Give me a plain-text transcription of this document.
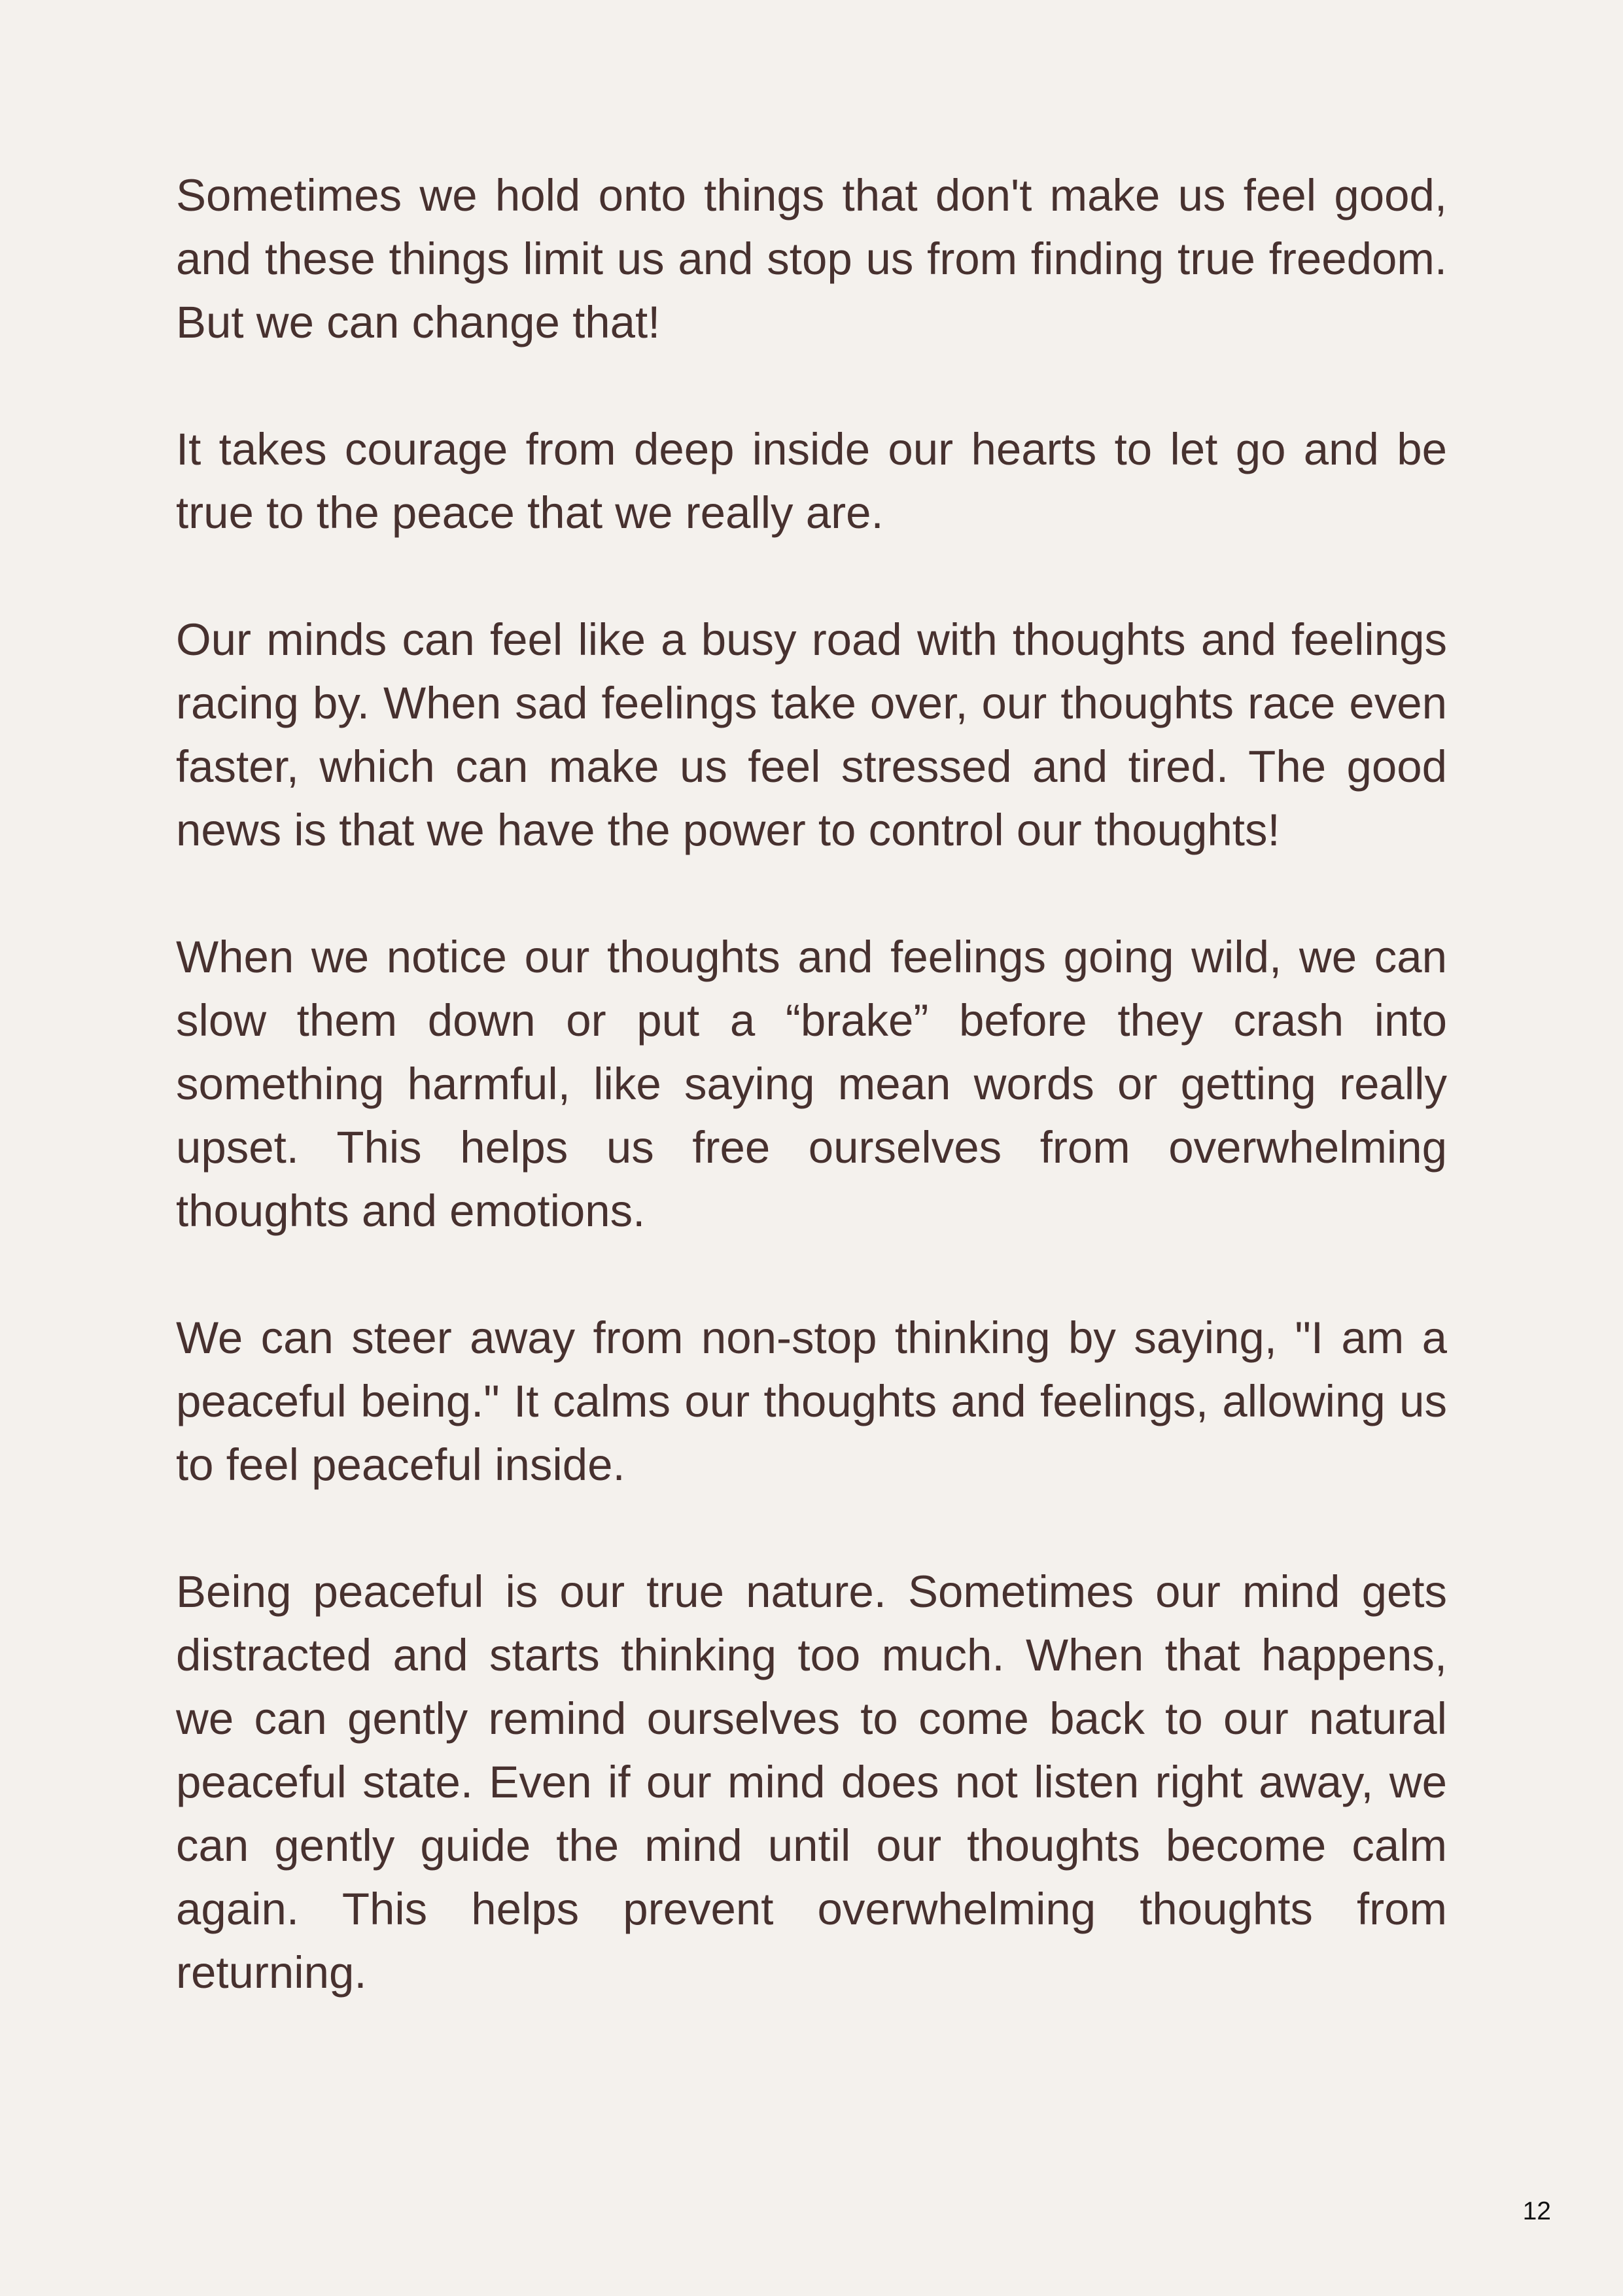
Sometimes we hold onto things that don't make us feel good, and these things limit us and stop us from finding true freedom. But we can change that!

It takes courage from deep inside our hearts to let go and be true to the peace that we really are.

Our minds can feel like a busy road with thoughts and feelings racing by. When sad feelings take over, our thoughts race even faster, which can make us feel stressed and tired. The good news is that we have the power to control our thoughts!

When we notice our thoughts and feelings going wild, we can slow them down or put a “brake” before they crash into something harmful, like saying mean words or getting really upset. This helps us free ourselves from overwhelming thoughts and emotions.

We can steer away from non-stop thinking by saying, "I am a peaceful being." It calms our thoughts and feelings, allowing us to feel peaceful inside.

Being peaceful is our true nature. Sometimes our mind gets distracted and starts thinking too much. When that happens, we can gently remind ourselves to come back to our natural peaceful state. Even if our mind does not listen right away, we can gently guide the mind until our thoughts become calm again. This helps prevent overwhelming thoughts from returning.

12
